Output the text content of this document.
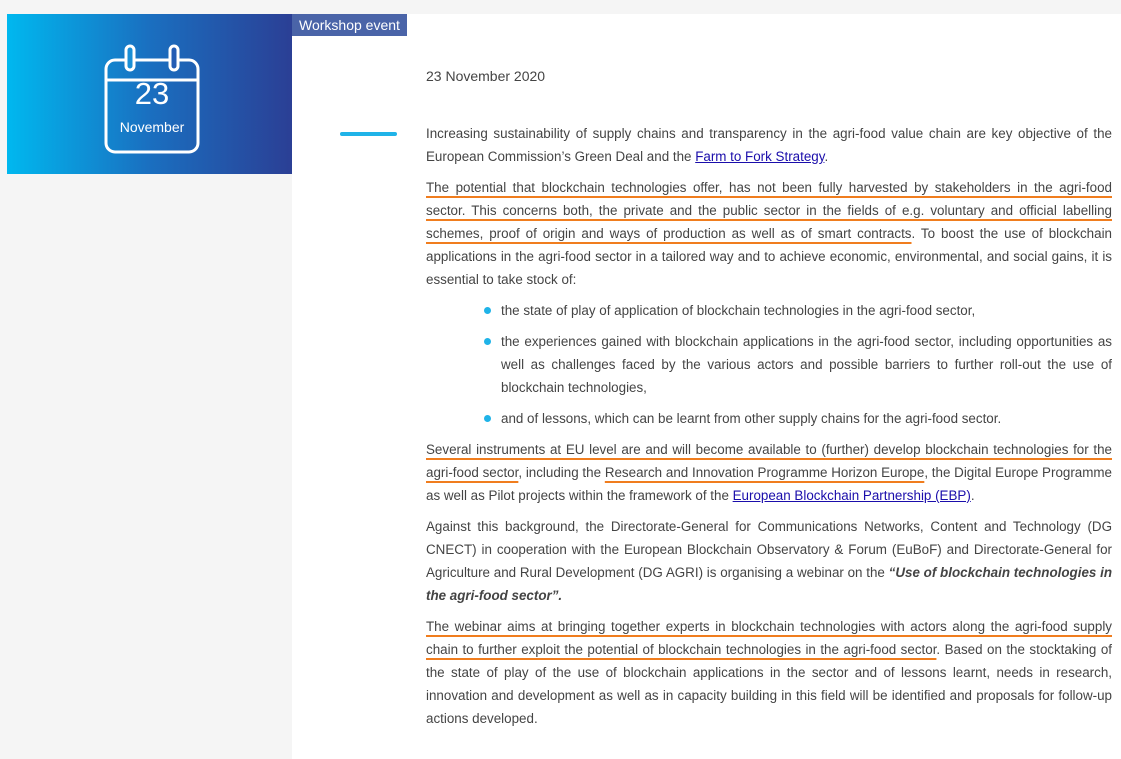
23
November
Workshop event
23 November 2020

Increasing sustainability of supply chains and transparency in the agri-food value chain are key objective of the European Commission’s Green Deal and the Farm to Fork Strategy.

The potential that blockchain technologies offer, has not been fully harvested by stakeholders in the agri-food sector. This concerns both, the private and the public sector in the fields of e.g. voluntary and official labelling schemes, proof of origin and ways of production as well as of smart contracts. To boost the use of blockchain applications in the agri-food sector in a tailored way and to achieve economic, environmental, and social gains, it is essential to take stock of:

the state of play of application of blockchain technologies in the agri-food sector,
the experiences gained with blockchain applications in the agri-food sector, including opportunities as well as challenges faced by the various actors and possible barriers to further roll-out the use of blockchain technologies,
and of lessons, which can be learnt from other supply chains for the agri-food sector.

Several instruments at EU level are and will become available to (further) develop blockchain technologies for the agri-food sector, including the Research and Innovation Programme Horizon Europe, the Digital Europe Programme as well as Pilot projects within the framework of the European Blockchain Partnership (EBP).

Against this background, the Directorate-General for Communications Networks, Content and Technology (DG CNECT) in cooperation with the European Blockchain Observatory & Forum (EuBoF) and Directorate-General for Agriculture and Rural Development (DG AGRI) is organising a webinar on the “Use of blockchain technologies in the agri-food sector”.

The webinar aims at bringing together experts in blockchain technologies with actors along the agri-food supply chain to further exploit the potential of blockchain technologies in the agri-food sector. Based on the stocktaking of the state of play of the use of blockchain applications in the sector and of lessons learnt, needs in research, innovation and development as well as in capacity building in this field will be identified and proposals for follow-up actions developed.
